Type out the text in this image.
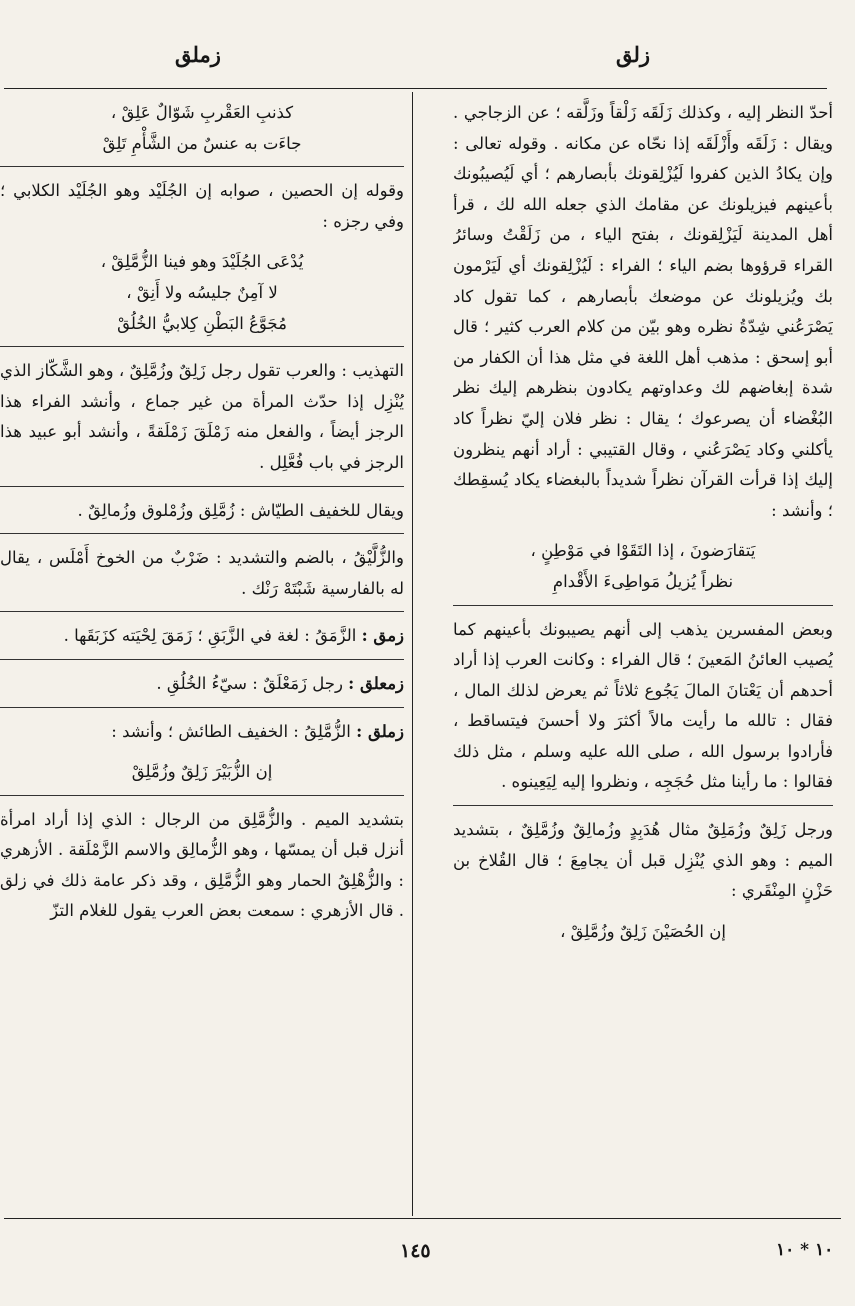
زلق
زملق

أحدّ النظر إليه ، وكذلك زَلَقَه زَلْقاً وزَلَّقه ؛ عن الزجاجي . ويقال : زَلَقَه وأَزْلَقَه إذا نحّاه عن مكانه . وقوله تعالى : وإن يكادُ الذين كفروا لَيُزْلِقونك بأبصارهم ؛ أي لَيُصيبُونك بأعينهم فيزيلونك عن مقامك الذي جعله الله لك ، قرأ أهل المدينة لَيَزْلِقونك ، بفتح الياء ، من زَلَقْتُ وسائرُ القراء قرؤوها بضم الياء ؛ الفراء : لَيُزْلِقونك أي لَيَرْمون بك ويُزيلونك عن موضعك بأبصارهم ، كما تقول كاد يَصْرَعُني شِدّةُ نظره وهو بيّن من كلام العرب كثير ؛ قال أبو إسحق : مذهب أهل اللغة في مثل هذا أن الكفار من شدة إبغاضهم لك وعداوتهم يكادون بنظرهم إليك نظر البُغْضاء أن يصرعوك ؛ يقال : نظر فلان إليّ نظراً كاد يأكلني وكاد يَصْرَعُني ، وقال القتيبي : أراد أنهم ينظرون إليك إذا قرأت القرآن نظراً شديداً بالبغضاء يكاد يُسقِطك ؛ وأنشد :

يَتقارَضونَ ، إذا التَقَوْا في مَوْطِنٍ ،

نظراً يُزيلُ مَواطِىءَ الأَقْدامِ

وبعض المفسرين يذهب إلى أنهم يصيبونك بأعينهم كما يُصيب العائنُ المَعينَ ؛ قال الفراء : وكانت العرب إذا أراد أحدهم أن يَعْتانَ المالَ يَجُوع ثلاثاً ثم يعرض لذلك المال ، فقال : تالله ما رأيت مالاً أكثرَ ولا أحسنَ فيتساقط ، فأرادوا برسول الله ، صلى الله عليه وسلم ، مثل ذلك فقالوا : ما رأينا مثل حُجَجِه ، ونظروا إليه لِيَعِينوه .

ورجل زَلِقٌ وزُمَلِقٌ مثال هُدَبِدٍ وزُمالِقٌ وزُمَّلِقٌ ، بتشديد الميم : وهو الذي يُنْزِل قبل أن يجامِعَ ؛ قال القُلاخ بن حَزْنٍ المِنْقَري :

إن الحُصَيْنَ زَلِقٌ وزُمَّلِقْ ،

كذنبِ العَقْربِ شَوّالٌ عَلِقْ ،

جاءَت به عنسٌ من الشَّأْمِ تَلِقْ

وقوله إن الحصين ، صوابه إن الجُلَيْد وهو الجُلَيْد الكلابي ؛ وفي رجزه :

يُدْعَى الجُلَيْدَ وهو فينا الزُّمَّلِقْ ،

لا آمِنٌ جليسُه ولا أَنِقْ ،

مُجَوَّعُ البَطْنِ كِلابيُّ الخُلُقْ

التهذيب : والعرب تقول رجل زَلِقٌ وزُمَّلِقٌ ، وهو الشَّكّاز الذي يُنْزِل إذا حدّث المرأة من غير جماع ، وأنشد الفراء هذا الرجز أيضاً ، والفعل منه زَمْلَقَ زَمْلَقةً ، وأنشد أبو عبيد هذا الرجز في باب فُعَّلِل .

ويقال للخفيف الطيّاش : زُمَّلِق وزُمْلوق وزُمالِقٌ .

والزُّلَّيْقُ ، بالضم والتشديد : ضَرْبٌ من الخوخ أَمْلَس ، يقال له بالفارسية شَبْتَهْ رَنْك .

زمق : الزَّمَقُ : لغة في الزَّبَقِ ؛ زَمَقَ لِحْيَته كزَبَقَها .

زمعلق : رجل زَمَعْلَقٌ : سيّءُ الخُلُقِ .

زملق : الزُّمَّلِقُ : الخفيف الطائش ؛ وأنشد :

إن الزُّبَيْرَ زَلِقٌ وزُمَّلِقْ

بتشديد الميم . والزُّمَّلِق من الرجال : الذي إذا أراد امرأة أنزل قبل أن يمسّها ، وهو الزُّمالِق والاسم الزَّمْلَقة . الأزهري : والزُّهْلِقُ الحمار وهو الزُّمَّلِق ، وقد ذكر عامة ذلك في زلق . قال الأزهري : سمعت بعض العرب يقول للغلام التزّ

١٤٥	١٠ * ١٠
